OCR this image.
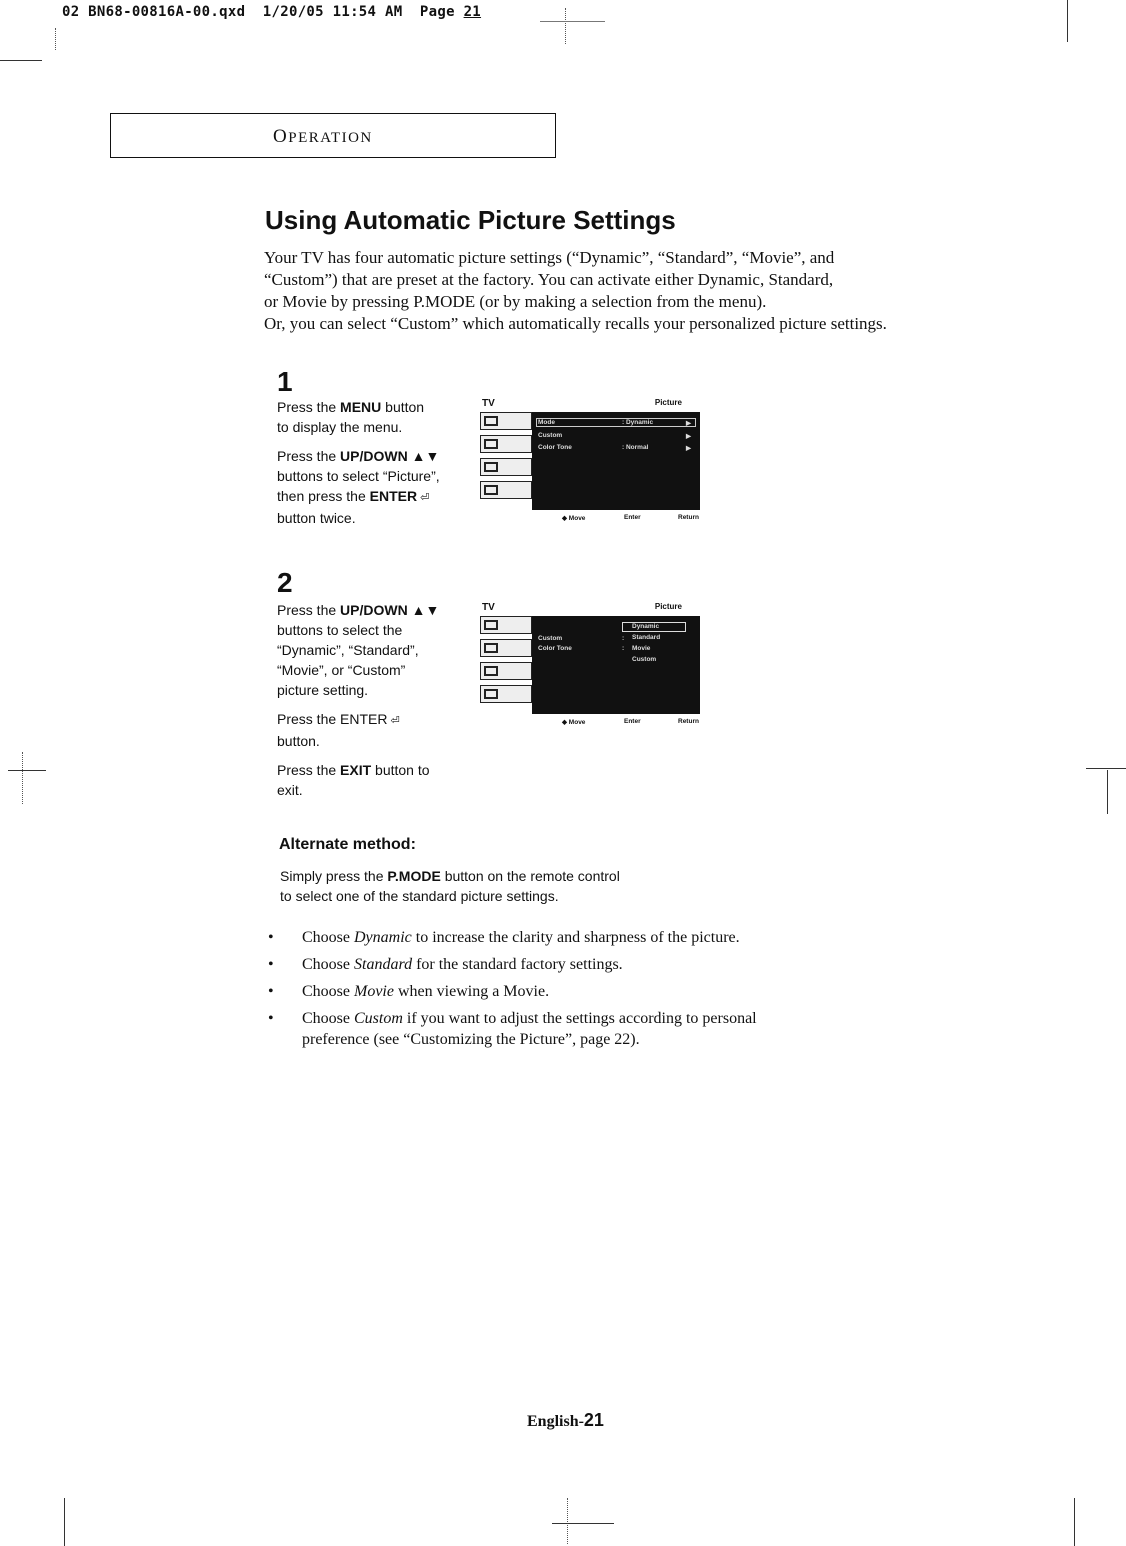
02 BN68-00816A-00.qxd 1/20/05 11:54 AM Page 21
OPERATION
Using Automatic Picture Settings

Your TV has four automatic picture settings (“Dynamic”, “Standard”, “Movie”, and

“Custom”) that are preset at the factory. You can activate either Dynamic, Standard,

or Movie by pressing P.MODE (or by making a selection from the menu).

Or, you can select “Custom” which automatically recalls your personalized picture settings.

1

Press the MENU button
to display the menu.

Press the UP/DOWN ▲▼
buttons to select “Picture”,
then press the ENTER ⏎
button twice.

TV	Picture
Mode	: Dynamic	▶
Custom	▶
Color Tone	: Normal	▶
◆ Move	Enter	Return
2

Press the UP/DOWN ▲▼
buttons to select the
“Dynamic”, “Standard”,
“Movie”, or “Custom”
picture setting.

Press the ENTER ⏎
button.

Press the EXIT button to
exit.

TV	Picture
Custom	:
Color Tone	:
Dynamic
Standard
Movie
Custom
◆ Move	Enter	Return
Alternate method:
Simply press the P.MODE button on the remote control
to select one of the standard picture settings.
• Choose Dynamic to increase the clarity and sharpness of the picture.
• Choose Standard for the standard factory settings.
• Choose Movie when viewing a Movie.
• Choose Custom if you want to adjust the settings according to personal preference (see “Customizing the Picture”, page 22).
English-21
